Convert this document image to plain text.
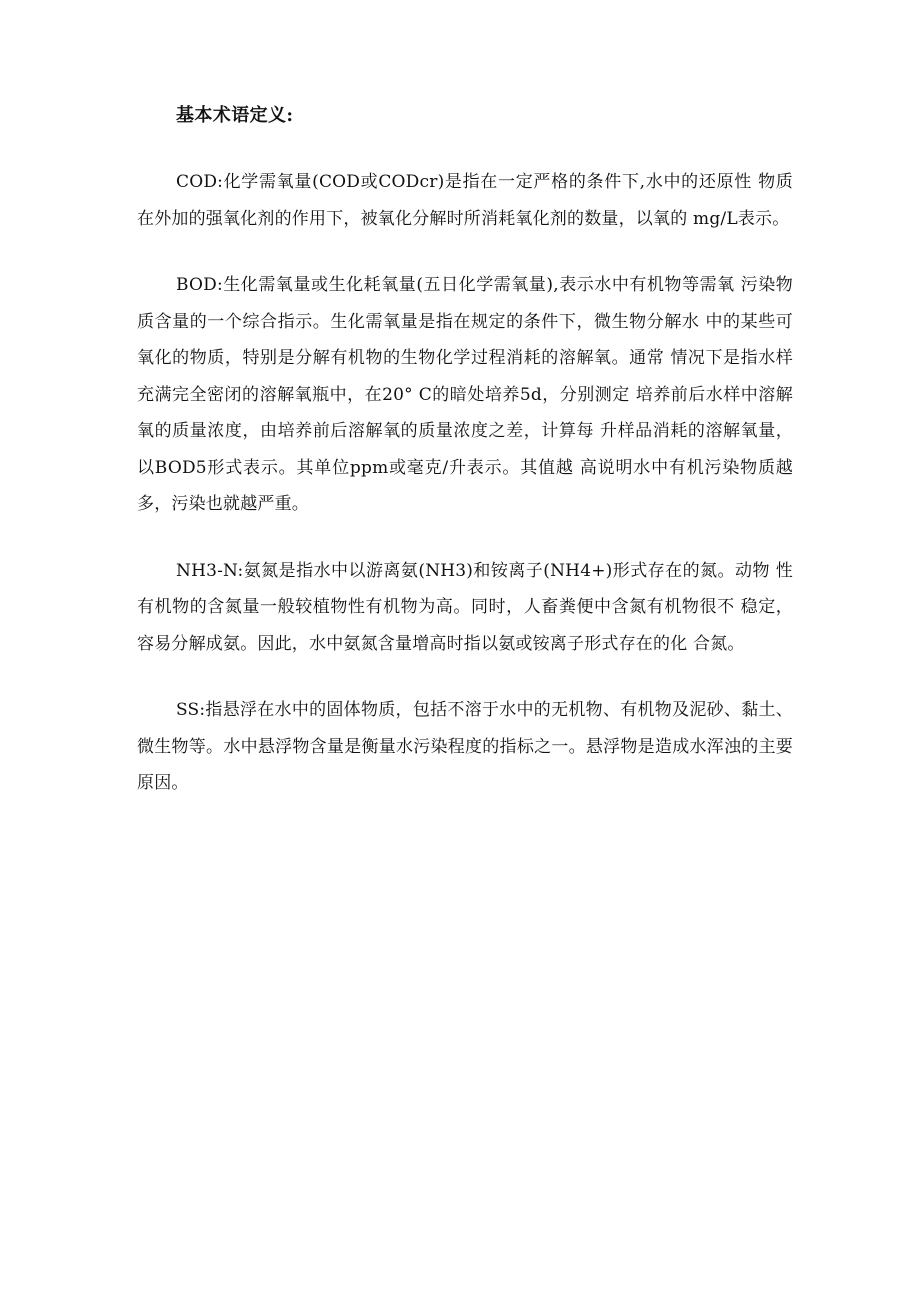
基本术语定义:

COD:化学需氧量(COD或CODcr)是指在一定严格的条件下,水中的还原性 物质在外加的强氧化剂的作用下，被氧化分解时所消耗氧化剂的数量，以氧的 mg/L表示。

BOD:生化需氧量或生化耗氧量(五日化学需氧量),表示水中有机物等需氧 污染物质含量的一个综合指示。生化需氧量是指在规定的条件下，微生物分解水 中的某些可氧化的物质，特别是分解有机物的生物化学过程消耗的溶解氧。通常 情况下是指水样充满完全密闭的溶解氧瓶中，在20° C的暗处培养5d，分别测定 培养前后水样中溶解氧的质量浓度，由培养前后溶解氧的质量浓度之差，计算每 升样品消耗的溶解氧量，以BOD5形式表示。其单位ppm或毫克/升表示。其值越 高说明水中有机污染物质越多，污染也就越严重。

NH3-N:氨氮是指水中以游离氨(NH3)和铵离子(NH4+)形式存在的氮。动物 性有机物的含氮量一般较植物性有机物为高。同时，人畜粪便中含氮有机物很不 稳定，容易分解成氨。因此，水中氨氮含量增高时指以氨或铵离子形式存在的化 合氮。

SS:指悬浮在水中的固体物质，包括不溶于水中的无机物、有机物及泥砂、黏土、微生物等。水中悬浮物含量是衡量水污染程度的指标之一。悬浮物是造成水浑浊的主要原因。
